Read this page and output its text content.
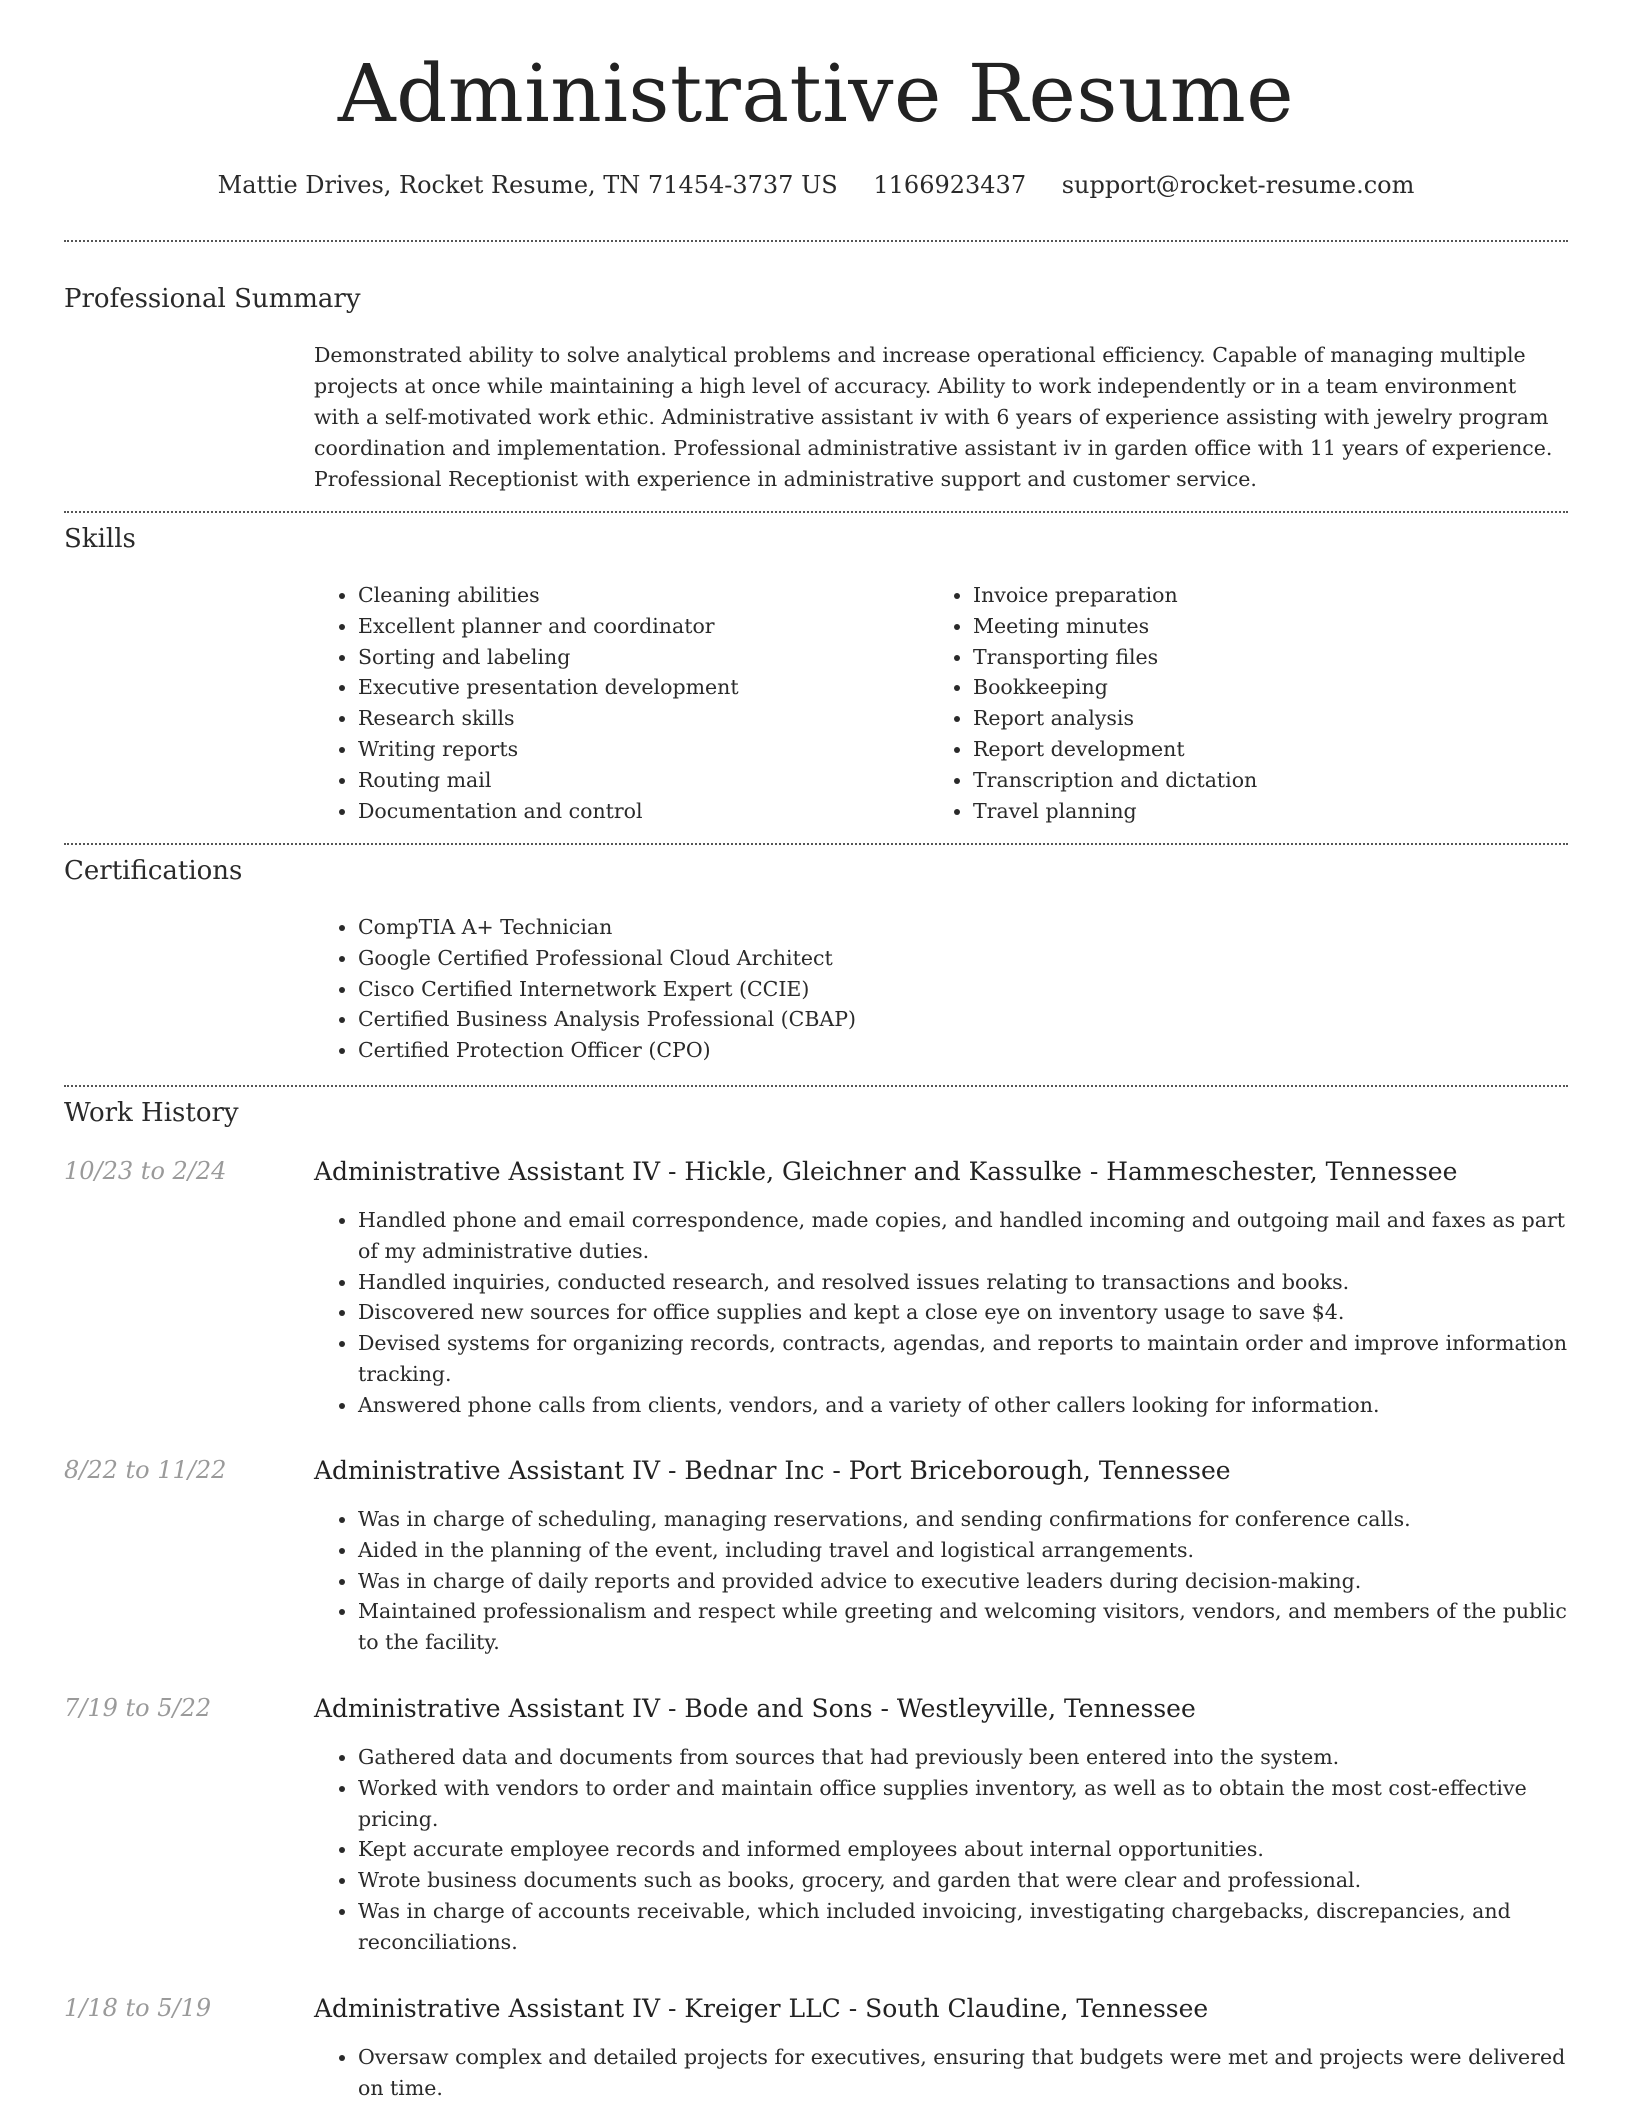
Administrative Resume
Mattie Drives, Rocket Resume, TN 71454-3737 US 1166923437 support@rocket-resume.com
Professional Summary

Demonstrated ability to solve analytical problems and increase operational efficiency. Capable of managing multiple projects at once while maintaining a high level of accuracy. Ability to work independently or in a team environment with a self-motivated work ethic. Administrative assistant iv with 6 years of experience assisting with jewelry program coordination and implementation. Professional administrative assistant iv in garden office with 11 years of experience. Professional Receptionist with experience in administrative support and customer service.

Skills
• Cleaning abilities
• Excellent planner and coordinator
• Sorting and labeling
• Executive presentation development
• Research skills
• Writing reports
• Routing mail
• Documentation and control
• Invoice preparation
• Meeting minutes
• Transporting files
• Bookkeeping
• Report analysis
• Report development
• Transcription and dictation
• Travel planning
Certifications
• CompTIA A+ Technician
• Google Certified Professional Cloud Architect
• Cisco Certified Internetwork Expert (CCIE)
• Certified Business Analysis Professional (CBAP)
• Certified Protection Officer (CPO)
Work History
10/23 to 2/24	Administrative Assistant IV - Hickle, Gleichner and Kassulke - Hammeschester, Tennessee
• Handled phone and email correspondence, made copies, and handled incoming and outgoing mail and faxes as part of my administrative duties.
• Handled inquiries, conducted research, and resolved issues relating to transactions and books.
• Discovered new sources for office supplies and kept a close eye on inventory usage to save $4.
• Devised systems for organizing records, contracts, agendas, and reports to maintain order and improve information tracking.
• Answered phone calls from clients, vendors, and a variety of other callers looking for information.
8/22 to 11/22	Administrative Assistant IV - Bednar Inc - Port Briceborough, Tennessee
• Was in charge of scheduling, managing reservations, and sending confirmations for conference calls.
• Aided in the planning of the event, including travel and logistical arrangements.
• Was in charge of daily reports and provided advice to executive leaders during decision-making.
• Maintained professionalism and respect while greeting and welcoming visitors, vendors, and members of the public to the facility.
7/19 to 5/22	Administrative Assistant IV - Bode and Sons - Westleyville, Tennessee
• Gathered data and documents from sources that had previously been entered into the system.
• Worked with vendors to order and maintain office supplies inventory, as well as to obtain the most cost-effective pricing.
• Kept accurate employee records and informed employees about internal opportunities.
• Wrote business documents such as books, grocery, and garden that were clear and professional.
• Was in charge of accounts receivable, which included invoicing, investigating chargebacks, discrepancies, and reconciliations.
1/18 to 5/19	Administrative Assistant IV - Kreiger LLC - South Claudine, Tennessee
• Oversaw complex and detailed projects for executives, ensuring that budgets were met and projects were delivered on time.
